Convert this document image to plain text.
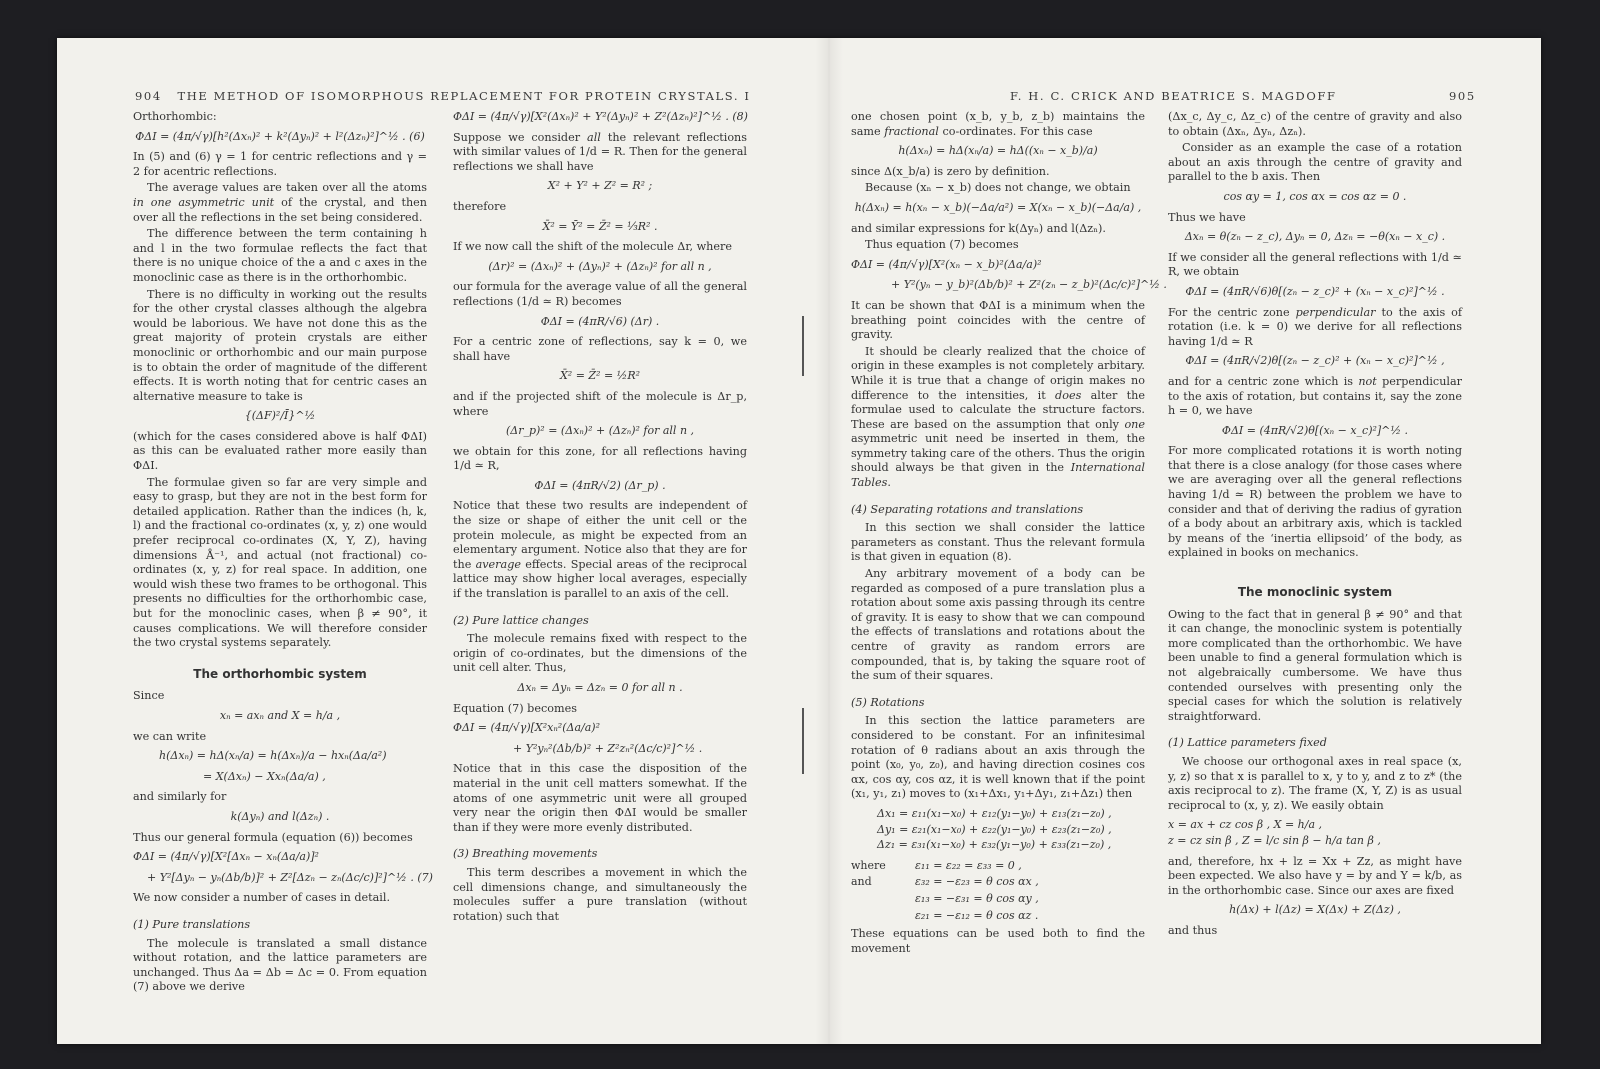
904 THE METHOD OF ISOMORPHOUS REPLACEMENT FOR PROTEIN CRYSTALS. I	F. H. C. CRICK AND BEATRICE S. MAGDOFF	905

Orthorhombic:

ΦΔI = (4π/√γ)[h²(Δxₙ)² + k²(Δyₙ)² + l²(Δzₙ)²]^½ . (6)

In (5) and (6) γ = 1 for centric reflections and γ = 2 for acentric reflections.

The average values are taken over all the atoms in one asymmetric unit of the crystal, and then over all the reflections in the set being considered.

The difference between the term containing h and l in the two formulae reflects the fact that there is no unique choice of the a and c axes in the monoclinic case as there is in the orthorhombic.

There is no difficulty in working out the results for the other crystal classes although the algebra would be laborious. We have not done this as the great majority of protein crystals are either monoclinic or orthorhombic and our main purpose is to obtain the order of magnitude of the different effects. It is worth noting that for centric cases an alternative measure to take is

{(ΔF)²/Ī}^½

(which for the cases considered above is half ΦΔI) as this can be evaluated rather more easily than ΦΔI.

The formulae given so far are very simple and easy to grasp, but they are not in the best form for detailed application. Rather than the indices (h, k, l) and the fractional co-ordinates (x, y, z) one would prefer reciprocal co-ordinates (X, Y, Z), having dimensions Å⁻¹, and actual (not fractional) co-ordinates (x, y, z) for real space. In addition, one would wish these two frames to be orthogonal. This presents no difficulties for the orthorhombic case, but for the monoclinic cases, when β ≠ 90°, it causes complications. We will therefore consider the two crystal systems separately.

The orthorhombic system

Since

xₙ = axₙ and X = h/a ,

we can write

h(Δxₙ) = hΔ(xₙ/a) = h(Δxₙ)/a − hxₙ(Δa/a²)
= X(Δxₙ) − Xxₙ(Δa/a) ,

and similarly for

k(Δyₙ) and l(Δzₙ) .

Thus our general formula (equation (6)) becomes

ΦΔI = (4π/√γ)[X²[Δxₙ − xₙ(Δa/a)]²
+ Y²[Δyₙ − yₙ(Δb/b)]² + Z²[Δzₙ − zₙ(Δc/c)]²]^½ . (7)

We now consider a number of cases in detail.

(1) Pure translations

The molecule is translated a small distance without rotation, and the lattice parameters are unchanged. Thus Δa = Δb = Δc = 0. From equation (7) above we derive

ΦΔI = (4π/√γ)[X²(Δxₙ)² + Y²(Δyₙ)² + Z²(Δzₙ)²]^½ . (8)

Suppose we consider all the relevant reflections with similar values of 1/d = R. Then for the general reflections we shall have

X² + Y² + Z² = R² ;

therefore

X̄² = Ȳ² = Z̄² = ⅓R² .

If we now call the shift of the molecule Δr, where

(Δr)² = (Δxₙ)² + (Δyₙ)² + (Δzₙ)² for all n ,

our formula for the average value of all the general reflections (1/d ≃ R) becomes

ΦΔI = (4πR/√6) (Δr) .

For a centric zone of reflections, say k = 0, we shall have

X̄² = Z̄² = ½R²

and if the projected shift of the molecule is Δr_p, where

(Δr_p)² = (Δxₙ)² + (Δzₙ)² for all n ,

we obtain for this zone, for all reflections having 1/d ≃ R,

ΦΔI = (4πR/√2) (Δr_p) .

Notice that these two results are independent of the size or shape of either the unit cell or the protein molecule, as might be expected from an elementary argument. Notice also that they are for the average effects. Special areas of the reciprocal lattice may show higher local averages, especially if the translation is parallel to an axis of the cell.

(2) Pure lattice changes

The molecule remains fixed with respect to the origin of co-ordinates, but the dimensions of the unit cell alter. Thus,

Δxₙ = Δyₙ = Δzₙ = 0 for all n .

Equation (7) becomes

ΦΔI = (4π/√γ)[X²xₙ²(Δa/a)²
+ Y²yₙ²(Δb/b)² + Z²zₙ²(Δc/c)²]^½ .

Notice that in this case the disposition of the material in the unit cell matters somewhat. If the atoms of one asymmetric unit were all grouped very near the origin then ΦΔI would be smaller than if they were more evenly distributed.

(3) Breathing movements

This term describes a movement in which the cell dimensions change, and simultaneously the molecules suffer a pure translation (without rotation) such that

one chosen point (x_b, y_b, z_b) maintains the same fractional co-ordinates. For this case

h(Δxₙ) = hΔ(xₙ/a) = hΔ((xₙ − x_b)/a)

since Δ(x_b/a) is zero by definition.

Because (xₙ − x_b) does not change, we obtain

h(Δxₙ) = h(xₙ − x_b)(−Δa/a²) = X(xₙ − x_b)(−Δa/a) ,

and similar expressions for k(Δyₙ) and l(Δzₙ).

Thus equation (7) becomes

ΦΔI = (4π/√γ)[X²(xₙ − x_b)²(Δa/a)²
+ Y²(yₙ − y_b)²(Δb/b)² + Z²(zₙ − z_b)²(Δc/c)²]^½ .

It can be shown that ΦΔI is a minimum when the breathing point coincides with the centre of gravity.

It should be clearly realized that the choice of origin in these examples is not completely arbitary. While it is true that a change of origin makes no difference to the intensities, it does alter the formulae used to calculate the structure factors. These are based on the assumption that only one asymmetric unit need be inserted in them, the symmetry taking care of the others. Thus the origin should always be that given in the International Tables.

(4) Separating rotations and translations

In this section we shall consider the lattice parameters as constant. Thus the relevant formula is that given in equation (8).

Any arbitrary movement of a body can be regarded as composed of a pure translation plus a rotation about some axis passing through its centre of gravity. It is easy to show that we can compound the effects of translations and rotations about the centre of gravity as random errors are compounded, that is, by taking the square root of the sum of their squares.

(5) Rotations

In this section the lattice parameters are considered to be constant. For an infinitesimal rotation of θ radians about an axis through the point (x₀, y₀, z₀), and having direction cosines cos αx, cos αy, cos αz, it is well known that if the point (x₁, y₁, z₁) moves to (x₁+Δx₁, y₁+Δy₁, z₁+Δz₁) then

Δx₁ = ε₁₁(x₁−x₀) + ε₁₂(y₁−y₀) + ε₁₃(z₁−z₀) ,
Δy₁ = ε₂₁(x₁−x₀) + ε₂₂(y₁−y₀) + ε₂₃(z₁−z₀) ,
Δz₁ = ε₃₁(x₁−x₀) + ε₃₂(y₁−y₀) + ε₃₃(z₁−z₀) ,
where	ε₁₁ = ε₂₂ = ε₃₃ = 0 ,
and	ε₃₂ = −ε₂₃ = θ cos αx ,
ε₁₃ = −ε₃₁ = θ cos αy ,
ε₂₁ = −ε₁₂ = θ cos αz .

These equations can be used both to find the movement

(Δx_c, Δy_c, Δz_c) of the centre of gravity and also to obtain (Δxₙ, Δyₙ, Δzₙ).

Consider as an example the case of a rotation about an axis through the centre of gravity and parallel to the b axis. Then

cos αy = 1, cos αx = cos αz = 0 .

Thus we have

Δxₙ = θ(zₙ − z_c), Δyₙ = 0, Δzₙ = −θ(xₙ − x_c) .

If we consider all the general reflections with 1/d ≃ R, we obtain

ΦΔI = (4πR/√6)θ[(zₙ − z_c)² + (xₙ − x_c)²]^½ .

For the centric zone perpendicular to the axis of rotation (i.e. k = 0) we derive for all reflections having 1/d ≃ R

ΦΔI = (4πR/√2)θ[(zₙ − z_c)² + (xₙ − x_c)²]^½ ,

and for a centric zone which is not perpendicular to the axis of rotation, but contains it, say the zone h = 0, we have

ΦΔI = (4πR/√2)θ[(xₙ − x_c)²]^½ .

For more complicated rotations it is worth noting that there is a close analogy (for those cases where we are averaging over all the general reflections having 1/d ≃ R) between the problem we have to consider and that of deriving the radius of gyration of a body about an arbitrary axis, which is tackled by means of the ‘inertia ellipsoid’ of the body, as explained in books on mechanics.

The monoclinic system

Owing to the fact that in general β ≠ 90° and that it can change, the monoclinic system is potentially more complicated than the orthorhombic. We have been unable to find a general formulation which is not algebraically cumbersome. We have thus contended ourselves with presenting only the special cases for which the solution is relatively straightforward.

(1) Lattice parameters fixed

We choose our orthogonal axes in real space (x, y, z) so that x is parallel to x, y to y, and z to z* (the axis reciprocal to z). The frame (X, Y, Z) is as usual reciprocal to (x, y, z). We easily obtain

x = ax + cz cos β , X = h/a ,
z = cz sin β , Z = l/c sin β − h/a tan β ,

and, therefore, hx + lz = Xx + Zz, as might have been expected. We also have y = by and Y = k/b, as in the orthorhombic case. Since our axes are fixed

h(Δx) + l(Δz) = X(Δx) + Z(Δz) ,

and thus
